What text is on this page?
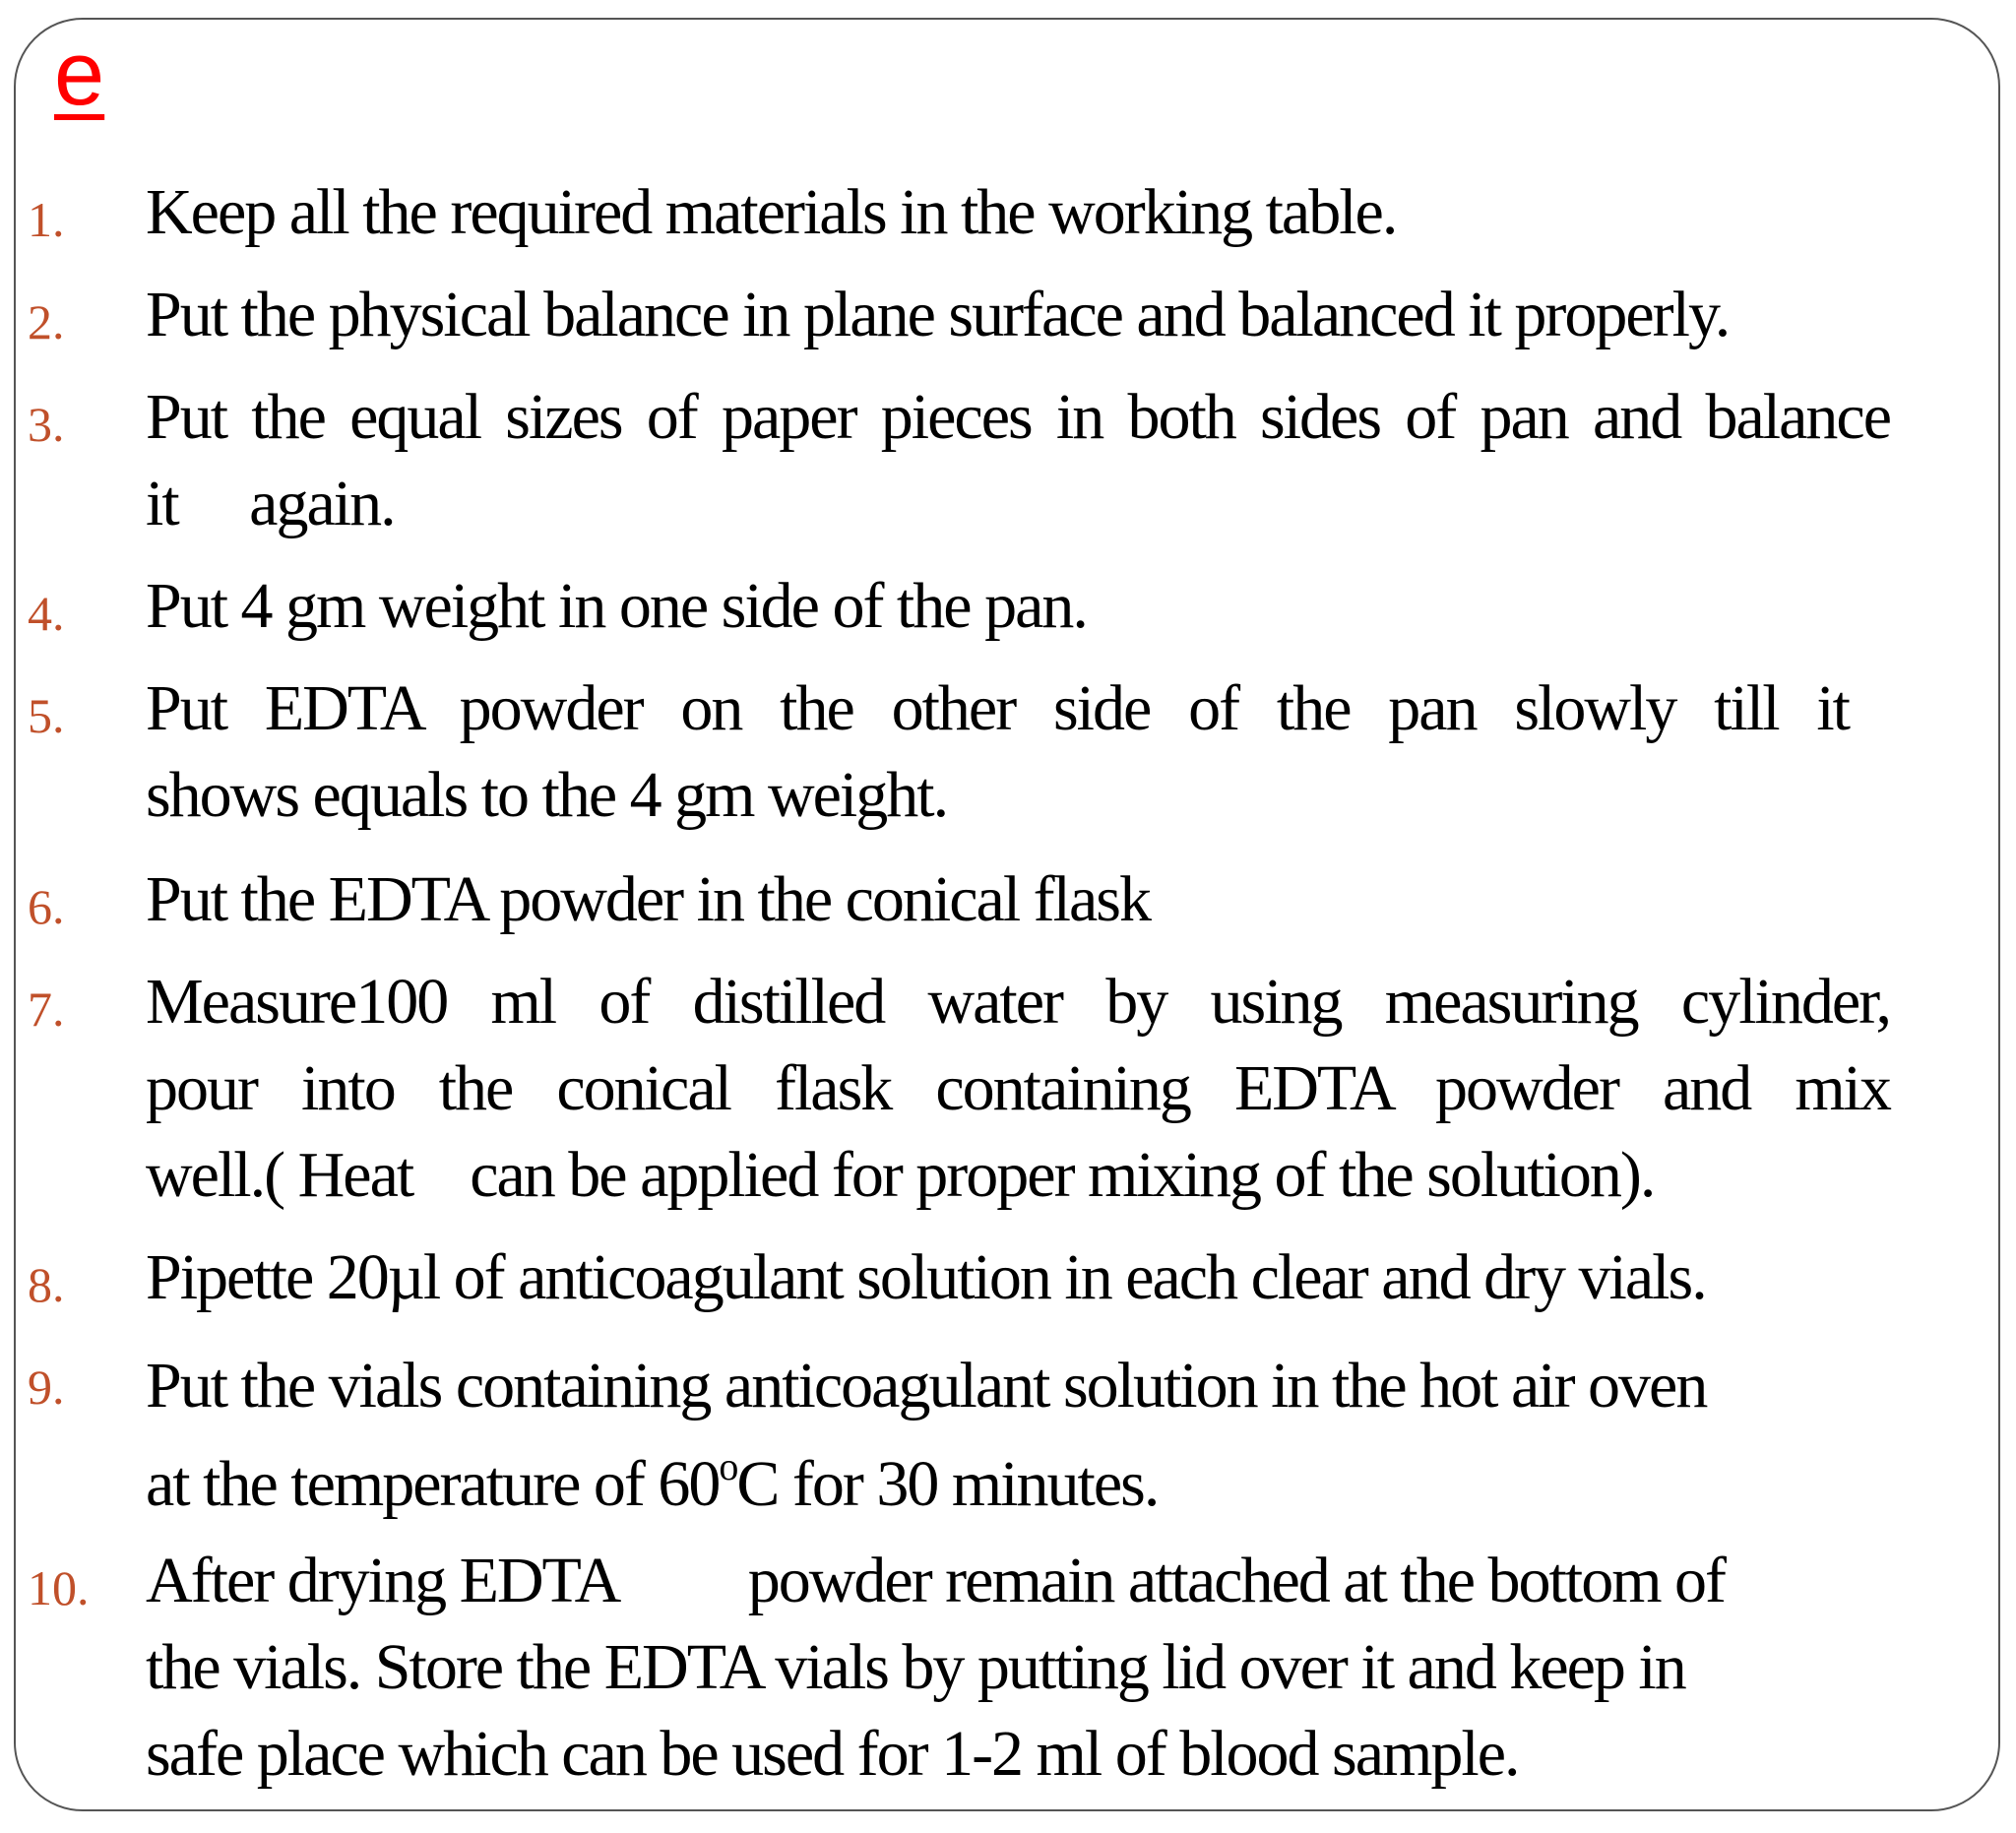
e
1. Keep all the required materials in the working table.
2. Put the physical balance in plane surface and balanced it properly.
3. Put the equal sizes of paper pieces in both sides of pan and balance
it     again.
4. Put 4 gm weight in one side of the pan.
5. Put EDTA powder on the other side of the pan slowly till it
shows equals to the 4 gm weight.
6. Put the EDTA powder in the conical flask
7. Measure100 ml of distilled water by using measuring cylinder,
pour into the conical flask containing EDTA powder and mix
well.( Heat    can be applied for proper mixing of the solution).
8. Pipette 20µl of anticoagulant solution in each clear and dry vials.
9. Put the vials containing anticoagulant solution in the hot air oven
at the temperature of 60$^o$C for 30 minutes.
10. After drying EDTA         powder remain attached at the bottom of
the vials. Store the EDTA vials by putting lid over it and keep in
safe place which can be used for 1-2 ml of blood sample.
